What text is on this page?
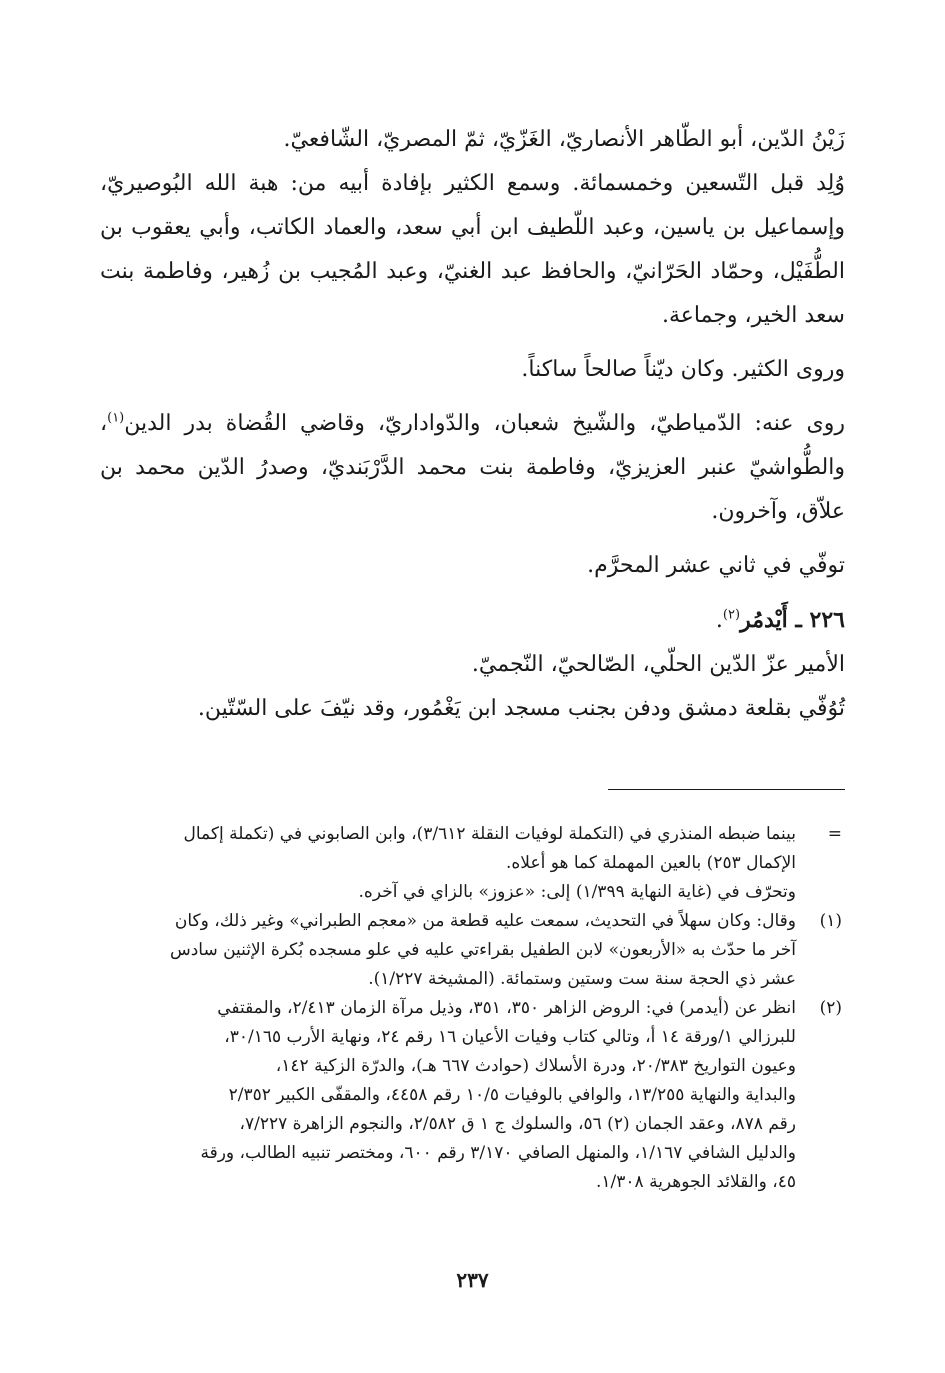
زَيْنُ الدّين، أبو الطّاهر الأنصاريّ، الغَزّيّ، ثمّ المصريّ، الشّافعيّ.

وُلِد قبل التّسعين وخمسمائة. وسمع الكثير بإفادة أبيه من: هبة الله البُوصيريّ، وإسماعيل بن ياسين، وعبد اللّطيف ابن أبي سعد، والعماد الكاتب، وأبي يعقوب بن الطُّفَيْل، وحمّاد الحَرّانيّ، والحافظ عبد الغنيّ، وعبد المُجيب بن زُهير، وفاطمة بنت سعد الخير، وجماعة.

وروى الكثير. وكان ديّناً صالحاً ساكناً.

روى عنه: الدّمياطيّ، والشّيخ شعبان، والدّواداريّ، وقاضي القُضاة بدر الدين$^{(١)}$، والطُّواشيّ عنبر العزيزيّ، وفاطمة بنت محمد الدَّرْبَنديّ، وصدرُ الدّين محمد بن علاّق، وآخرون.

توفّي في ثاني عشر المحرَّم.

٢٢٦ ـ أَيْدمُر$^{(٢)}$.

الأمير عزّ الدّين الحلّي، الصّالحيّ، النّجميّ.

تُوُفّي بقلعة دمشق ودفن بجنب مسجد ابن يَغْمُور، وقد نيّفَ على السّتّين.

=
بينما ضبطه المنذري في (التكملة لوفيات النقلة ٣/٦١٢)، وابن الصابوني في (تكملة إكمال
الإكمال ٢٥٣) بالعين المهملة كما هو أعلاه.
وتحرّف في (غاية النهاية ١/٣٩٩) إلى: «عزوز» بالزاي في آخره.
(١)
وقال: وكان سهلاً في التحديث، سمعت عليه قطعة من «معجم الطبراني» وغير ذلك، وكان
آخر ما حدّث به «الأربعون» لابن الطفيل بقراءتي عليه في علو مسجده بُكرة الإثنين سادس
عشر ذي الحجة سنة ست وستين وستمائة. (المشيخة ١/٢٢٧).
(٢)
انظر عن (أيدمر) في: الروض الزاهر ٣٥٠، ٣٥١، وذيل مرآة الزمان ٢/٤١٣، والمقتفي
للبرزالي ١/ورقة ١٤ أ، وتالي كتاب وفيات الأعيان ١٦ رقم ٢٤، ونهاية الأرب ٣٠/١٦٥،
وعيون التواريخ ٢٠/٣٨٣، ودرة الأسلاك (حوادث ٦٦٧ هـ)، والدرّة الزكية ١٤٢،
والبداية والنهاية ١٣/٢٥٥، والوافي بالوفيات ١٠/٥ رقم ٤٤٥٨، والمقفّى الكبير ٢/٣٥٢
رقم ٨٧٨، وعقد الجمان (٢) ٥٦، والسلوك ج ١ ق ٢/٥٨٢، والنجوم الزاهرة ٧/٢٢٧،
والدليل الشافي ١/١٦٧، والمنهل الصافي ٣/١٧٠ رقم ٦٠٠، ومختصر تنبيه الطالب، ورقة
٤٥، والقلائد الجوهرية ١/٣٠٨.
٢٣٧
